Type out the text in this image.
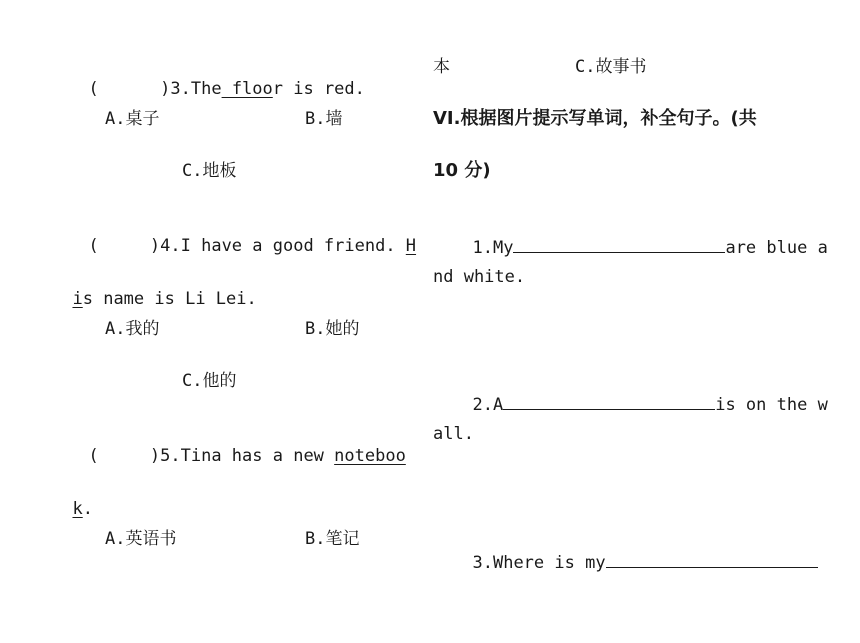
(      )3.The floor is red.

A.桌子	B.墙
C.地板

(     )4.I have a good friend. H

is name is Li Lei.

A.我的	B.她的
C.他的

(     )5.Tina has a new noteboo

k.

A.英语书	B.笔记
本	C.故事书
VI.根据图片提示写单词，补全句子。(共
10 分)

1.My	are blue a

nd white.

2.A	is on the w

all.

3.Where is my
